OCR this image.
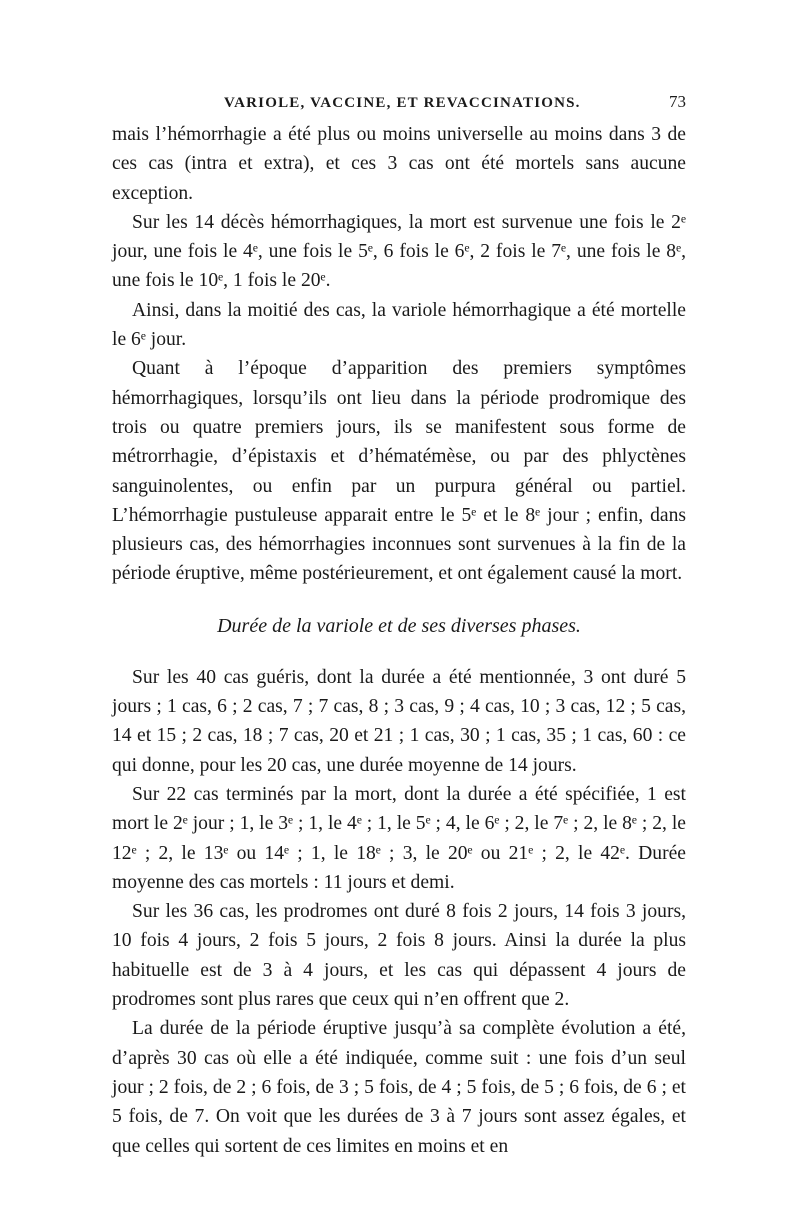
VARIOLE, VACCINE, ET REVACCINATIONS.	73

mais l’hémorrhagie a été plus ou moins universelle au moins dans 3 de ces cas (intra et extra), et ces 3 cas ont été mortels sans aucune exception.

Sur les 14 décès hémorrhagiques, la mort est survenue une fois le 2ᵉ jour, une fois le 4ᵉ, une fois le 5ᵉ, 6 fois le 6ᵉ, 2 fois le 7ᵉ, une fois le 8ᵉ, une fois le 10ᵉ, 1 fois le 20ᵉ.

Ainsi, dans la moitié des cas, la variole hémorrhagique a été mortelle le 6ᵉ jour.

Quant à l’époque d’apparition des premiers symptômes hémorrhagiques, lorsqu’ils ont lieu dans la période prodromique des trois ou quatre premiers jours, ils se manifestent sous forme de métrorrhagie, d’épistaxis et d’hématémèse, ou par des phlyctènes sanguinolentes, ou enfin par un purpura général ou partiel. L’hémorrhagie pustuleuse apparait entre le 5ᵉ et le 8ᵉ jour ; enfin, dans plusieurs cas, des hémorrhagies inconnues sont survenues à la fin de la période éruptive, même postérieurement, et ont également causé la mort.

Durée de la variole et de ses diverses phases.

Sur les 40 cas guéris, dont la durée a été mentionnée, 3 ont duré 5 jours ; 1 cas, 6 ; 2 cas, 7 ; 7 cas, 8 ; 3 cas, 9 ; 4 cas, 10 ; 3 cas, 12 ; 5 cas, 14 et 15 ; 2 cas, 18 ; 7 cas, 20 et 21 ; 1 cas, 30 ; 1 cas, 35 ; 1 cas, 60 : ce qui donne, pour les 20 cas, une durée moyenne de 14 jours.

Sur 22 cas terminés par la mort, dont la durée a été spécifiée, 1 est mort le 2ᵉ jour ; 1, le 3ᵉ ; 1, le 4ᵉ ; 1, le 5ᵉ ; 4, le 6ᵉ ; 2, le 7ᵉ ; 2, le 8ᵉ ; 2, le 12ᵉ ; 2, le 13ᵉ ou 14ᵉ ; 1, le 18ᵉ ; 3, le 20ᵉ ou 21ᵉ ; 2, le 42ᵉ. Durée moyenne des cas mortels : 11 jours et demi.

Sur les 36 cas, les prodromes ont duré 8 fois 2 jours, 14 fois 3 jours, 10 fois 4 jours, 2 fois 5 jours, 2 fois 8 jours. Ainsi la durée la plus habituelle est de 3 à 4 jours, et les cas qui dépassent 4 jours de prodromes sont plus rares que ceux qui n’en offrent que 2.

La durée de la période éruptive jusqu’à sa complète évolution a été, d’après 30 cas où elle a été indiquée, comme suit : une fois d’un seul jour ; 2 fois, de 2 ; 6 fois, de 3 ; 5 fois, de 4 ; 5 fois, de 5 ; 6 fois, de 6 ; et 5 fois, de 7. On voit que les durées de 3 à 7 jours sont assez égales, et que celles qui sortent de ces limites en moins et en
